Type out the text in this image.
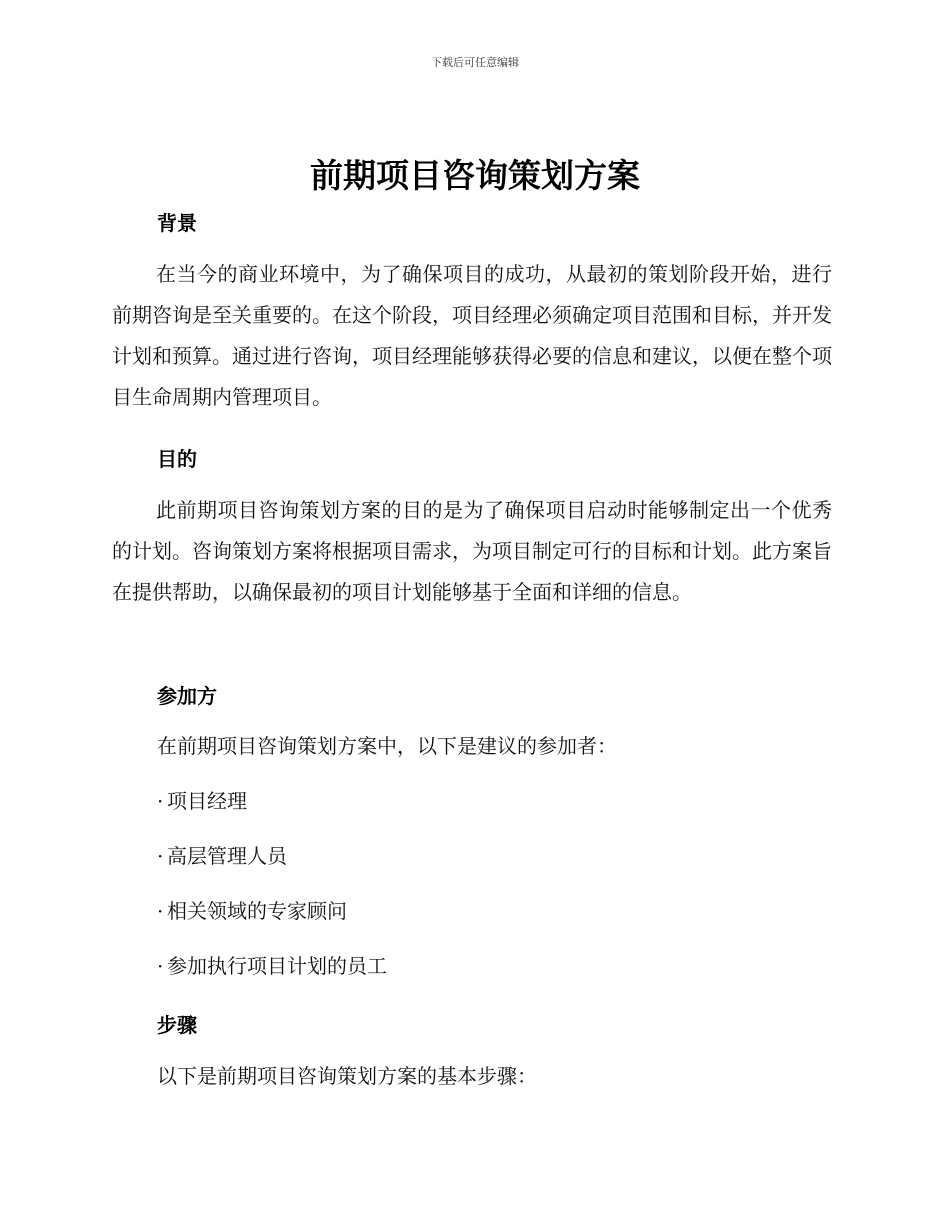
下载后可任意编辑
前期项目咨询策划方案
背景

在当今的商业环境中，为了确保项目的成功，从最初的策划阶段开始，进行前期咨询是至关重要的。在这个阶段，项目经理必须确定项目范围和目标，并开发计划和预算。通过进行咨询，项目经理能够获得必要的信息和建议，以便在整个项目生命周期内管理项目。

目的

此前期项目咨询策划方案的目的是为了确保项目启动时能够制定出一个优秀的计划。咨询策划方案将根据项目需求，为项目制定可行的目标和计划。此方案旨在提供帮助，以确保最初的项目计划能够基于全面和详细的信息。

参加方

在前期项目咨询策划方案中，以下是建议的参加者：

· 项目经理
· 高层管理人员
· 相关领域的专家顾问
· 参加执行项目计划的员工
步骤

以下是前期项目咨询策划方案的基本步骤：
